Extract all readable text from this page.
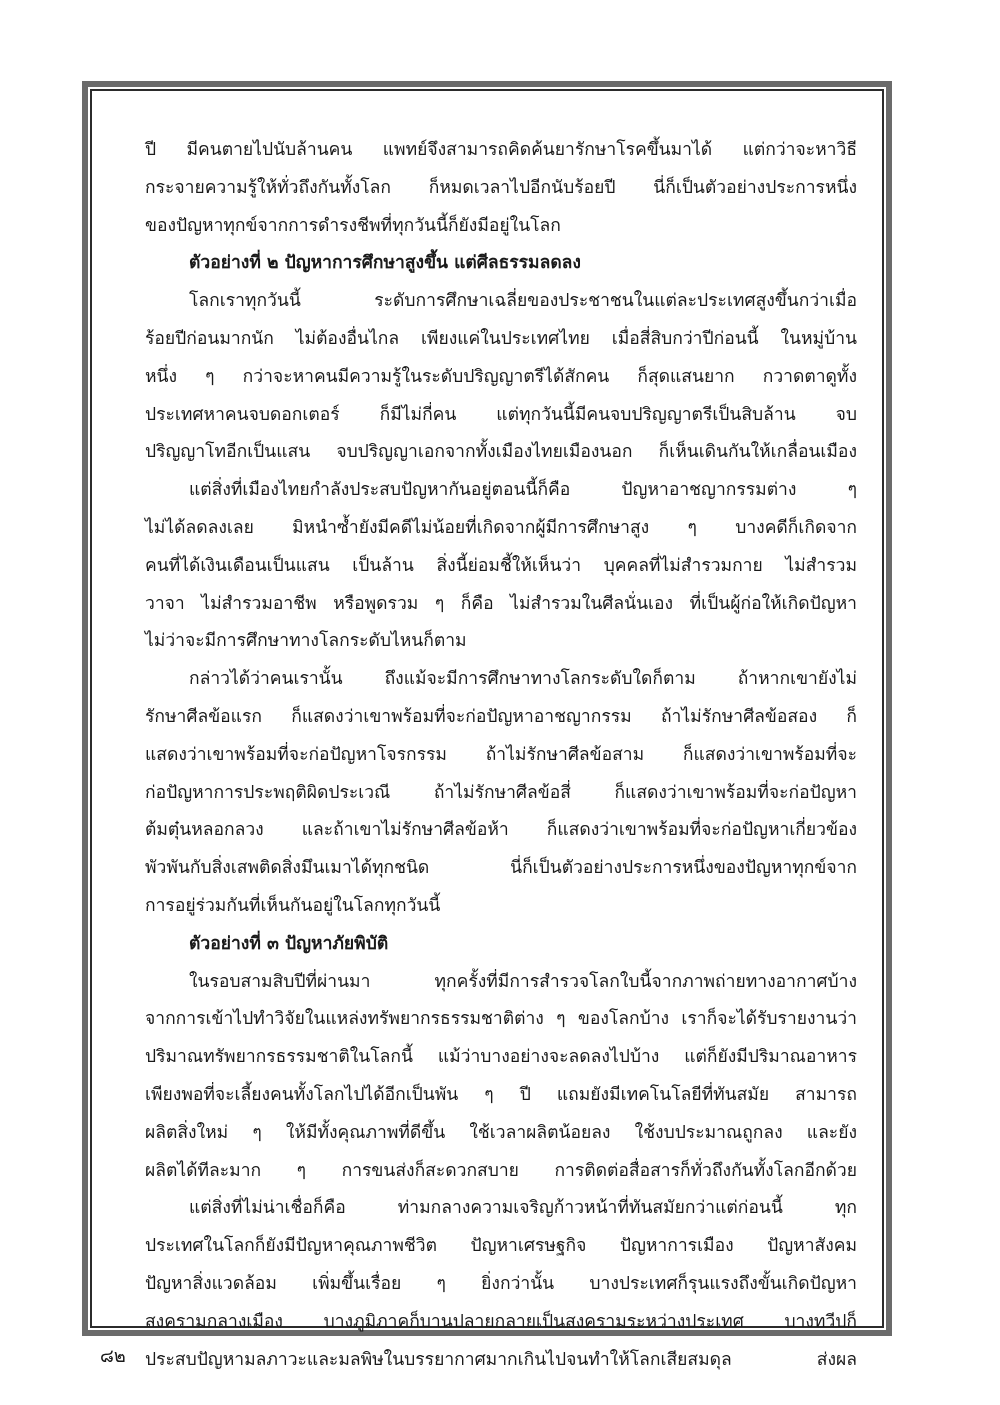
ปี มีคนตายไปนับล้านคน แพทย์จึงสามารถคิดค้นยารักษาโรคขึ้นมาได้ แต่กว่าจะหาวิธี
กระจายความรู้ให้ทั่วถึงกันทั้งโลก ก็หมดเวลาไปอีกนับร้อยปี นี่ก็เป็นตัวอย่างประการหนึ่ง
ของปัญหาทุกข์จากการดำรงชีพที่ทุกวันนี้ก็ยังมีอยู่ในโลก
ตัวอย่างที่ ๒ ปัญหาการศึกษาสูงขึ้น แต่ศีลธรรมลดลง
โลกเราทุกวันนี้ ระดับการศึกษาเฉลี่ยของประชาชนในแต่ละประเทศสูงขึ้นกว่าเมื่อ
ร้อยปีก่อนมากนัก ไม่ต้องอื่นไกล เพียงแค่ในประเทศไทย เมื่อสี่สิบกว่าปีก่อนนี้ ในหมู่บ้าน
หนึ่ง ๆ กว่าจะหาคนมีความรู้ในระดับปริญญาตรีได้สักคน ก็สุดแสนยาก กวาดตาดูทั้ง
ประเทศหาคนจบดอกเตอร์ ก็มีไม่กี่คน แต่ทุกวันนี้มีคนจบปริญญาตรีเป็นสิบล้าน จบ
ปริญญาโทอีกเป็นแสน จบปริญญาเอกจากทั้งเมืองไทยเมืองนอก ก็เห็นเดินกันให้เกลื่อนเมือง
แต่สิ่งที่เมืองไทยกำลังประสบปัญหากันอยู่ตอนนี้ก็คือ ปัญหาอาชญากรรมต่าง ๆ
ไม่ได้ลดลงเลย มิหนำซ้ำยังมีคดีไม่น้อยที่เกิดจากผู้มีการศึกษาสูง ๆ บางคดีก็เกิดจาก
คนที่ได้เงินเดือนเป็นแสน เป็นล้าน สิ่งนี้ย่อมชี้ให้เห็นว่า บุคคลที่ไม่สำรวมกาย ไม่สำรวม
วาจา ไม่สำรวมอาชีพ หรือพูดรวม ๆ ก็คือ ไม่สำรวมในศีลนั่นเอง ที่เป็นผู้ก่อให้เกิดปัญหา
ไม่ว่าจะมีการศึกษาทางโลกระดับไหนก็ตาม
กล่าวได้ว่าคนเรานั้น ถึงแม้จะมีการศึกษาทางโลกระดับใดก็ตาม ถ้าหากเขายังไม่
รักษาศีลข้อแรก ก็แสดงว่าเขาพร้อมที่จะก่อปัญหาอาชญากรรม ถ้าไม่รักษาศีลข้อสอง ก็
แสดงว่าเขาพร้อมที่จะก่อปัญหาโจรกรรม ถ้าไม่รักษาศีลข้อสาม ก็แสดงว่าเขาพร้อมที่จะ
ก่อปัญหาการประพฤติผิดประเวณี ถ้าไม่รักษาศีลข้อสี่ ก็แสดงว่าเขาพร้อมที่จะก่อปัญหา
ต้มตุ๋นหลอกลวง และถ้าเขาไม่รักษาศีลข้อห้า ก็แสดงว่าเขาพร้อมที่จะก่อปัญหาเกี่ยวข้อง
พัวพันกับสิ่งเสพติดสิ่งมึนเมาได้ทุกชนิด นี่ก็เป็นตัวอย่างประการหนึ่งของปัญหาทุกข์จาก
การอยู่ร่วมกันที่เห็นกันอยู่ในโลกทุกวันนี้
ตัวอย่างที่ ๓ ปัญหาภัยพิบัติ
ในรอบสามสิบปีที่ผ่านมา ทุกครั้งที่มีการสำรวจโลกใบนี้จากภาพถ่ายทางอากาศบ้าง
จากการเข้าไปทำวิจัยในแหล่งทรัพยากรธรรมชาติต่าง ๆ ของโลกบ้าง เราก็จะได้รับรายงานว่า
ปริมาณทรัพยากรธรรมชาติในโลกนี้ แม้ว่าบางอย่างจะลดลงไปบ้าง แต่ก็ยังมีปริมาณอาหาร
เพียงพอที่จะเลี้ยงคนทั้งโลกไปได้อีกเป็นพัน ๆ ปี แถมยังมีเทคโนโลยีที่ทันสมัย สามารถ
ผลิตสิ่งใหม่ ๆ ให้มีทั้งคุณภาพที่ดีขึ้น ใช้เวลาผลิตน้อยลง ใช้งบประมาณถูกลง และยัง
ผลิตได้ทีละมาก ๆ การขนส่งก็สะดวกสบาย การติดต่อสื่อสารก็ทั่วถึงกันทั้งโลกอีกด้วย
แต่สิ่งที่ไม่น่าเชื่อก็คือ ท่ามกลางความเจริญก้าวหน้าที่ทันสมัยกว่าแต่ก่อนนี้ ทุก
ประเทศในโลกก็ยังมีปัญหาคุณภาพชีวิต ปัญหาเศรษฐกิจ ปัญหาการเมือง ปัญหาสังคม
ปัญหาสิ่งแวดล้อม เพิ่มขึ้นเรื่อย ๆ ยิ่งกว่านั้น บางประเทศก็รุนแรงถึงขั้นเกิดปัญหา
สงครามกลางเมือง บางภูมิภาคก็บานปลายกลายเป็นสงครามระหว่างประเทศ บางทวีปก็
ประสบปัญหามลภาวะและมลพิษในบรรยากาศมากเกินไปจนทำให้โลกเสียสมดุล ส่งผล
๘๒
